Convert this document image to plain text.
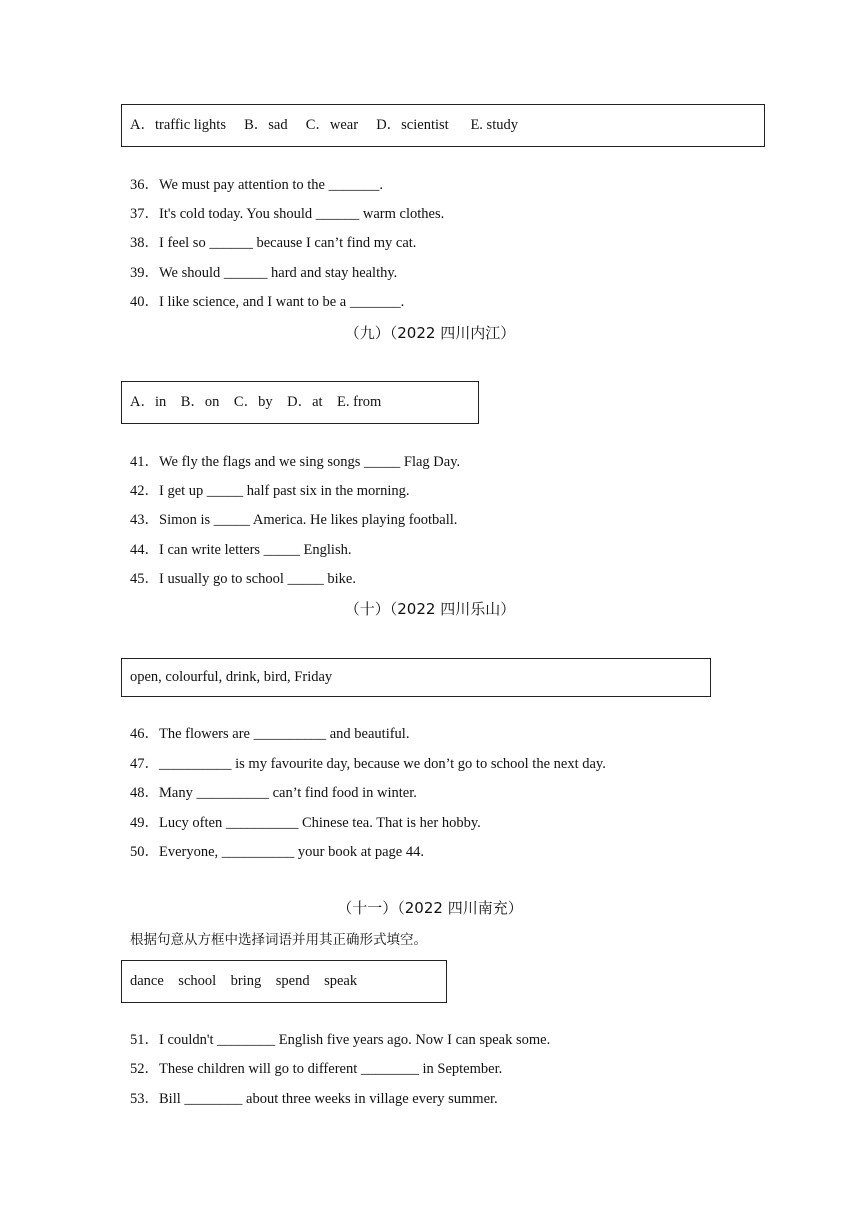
A．traffic lights     B．sad     C．wear     D．scientist      E. study
36．We must pay attention to the _______.
37．It's cold today. You should ______ warm clothes.
38．I feel so ______ because I can’t find my cat.
39．We should ______ hard and stay healthy.
40．I like science, and I want to be a _______.
（九）（2022 四川内江）
A．in    B．on    C．by    D．at    E. from
41．We fly the flags and we sing songs _____ Flag Day.
42．I get up _____ half past six in the morning.
43．Simon is _____ America. He likes playing football.
44．I can write letters _____ English.
45．I usually go to school _____ bike.
（十）（2022 四川乐山）
open, colourful, drink, bird, Friday
46．The flowers are __________ and beautiful.
47．__________ is my favourite day, because we don’t go to school the next day.
48．Many __________ can’t find food in winter.
49．Lucy often __________ Chinese tea. That is her hobby.
50．Everyone, __________ your book at page 44.
（十一）（2022 四川南充）
根据句意从方框中选择词语并用其正确形式填空。
dance    school    bring    spend    speak
51．I couldn't ________ English five years ago. Now I can speak some.
52．These children will go to different ________ in September.
53．Bill ________ about three weeks in village every summer.
